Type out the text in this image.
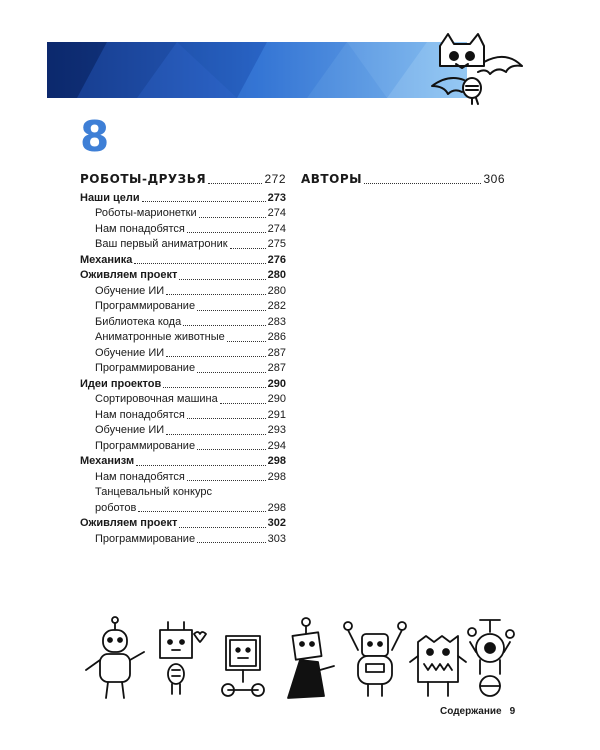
8
РОБОТЫ-ДРУЗЬЯ	272
Наши цели	273
Роботы-марионетки	274
Нам понадобятся	274
Ваш первый аниматроник	275
Механика	276
Оживляем проект	280
Обучение ИИ	280
Программирование	282
Библиотека кода	283
Аниматронные животные	286
Обучение ИИ	287
Программирование	287
Идеи проектов	290
Сортировочная машина	290
Нам понадобятся	291
Обучение ИИ	293
Программирование	294
Механизм	298
Нам понадобятся	298
Танцевальный конкурс
роботов	298
Оживляем проект	302
Программирование	303
АВТОРЫ	306
Содержание 9
